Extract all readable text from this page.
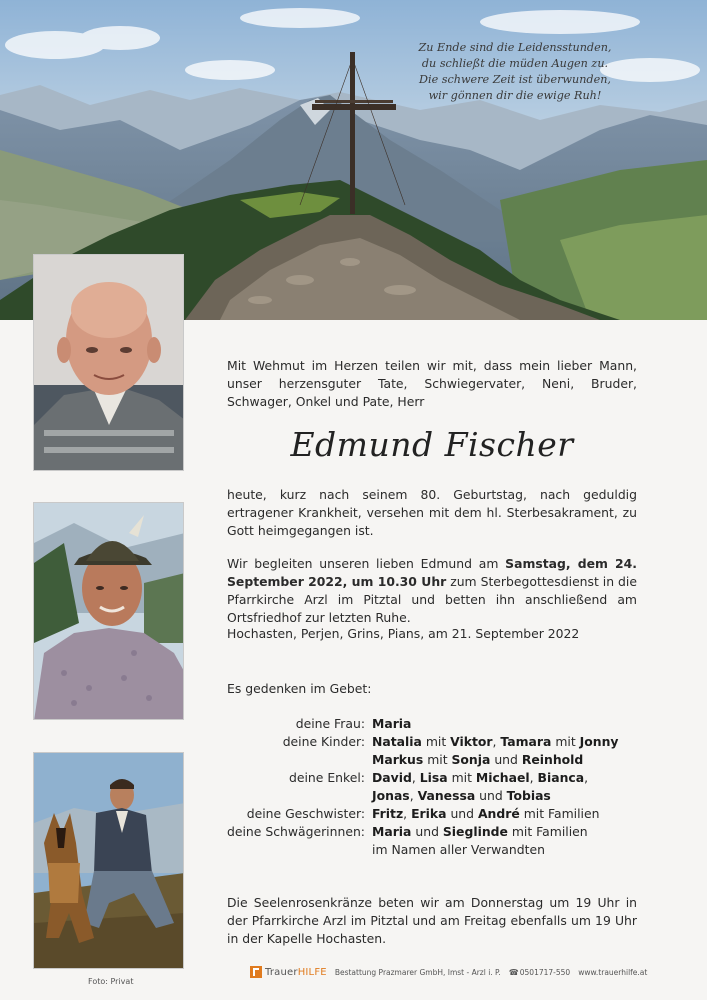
Zu Ende sind die Leidensstunden,
du schließt die müden Augen zu.
Die schwere Zeit ist überwunden,
wir gönnen dir die ewige Ruh!
Foto: Privat
Mit Wehmut im Herzen teilen wir mit, dass mein lieber Mann, unser herzensguter Tate, Schwiegervater, Neni, Bruder, Schwager, Onkel und Pate, Herr
Edmund Fischer
heute, kurz nach seinem 80. Geburtstag, nach geduldig ertragener Krankheit, versehen mit dem hl. Sterbesakrament, zu Gott heimgegangen ist.
Wir begleiten unseren lieben Edmund am Samstag, dem 24. September 2022, um 10.30 Uhr zum Sterbegottesdienst in die Pfarrkirche Arzl im Pitztal und betten ihn anschließend am Ortsfriedhof zur letzten Ruhe.
Hochasten, Perjen, Grins, Pians, am 21. September 2022
Es gedenken im Gebet:
deine Frau: Maria
deine Kinder: Natalia mit Viktor, Tamara mit Jonny
Markus mit Sonja und Reinhold
deine Enkel: David, Lisa mit Michael, Bianca,
Jonas, Vanessa und Tobias
deine Geschwister: Fritz, Erika und André mit Familien
deine Schwägerinnen: Maria und Sieglinde mit Familien
im Namen aller Verwandten
Die Seelenrosenkränze beten wir am Donnerstag um 19 Uhr in der Pfarrkirche Arzl im Pitztal und am Freitag ebenfalls um 19 Uhr in der Kapelle Hochasten.
Trauer HILFE Bestattung Prazmarer GmbH, Imst - Arzl i. P. ☎ 0501717-550 www.trauerhilfe.at
